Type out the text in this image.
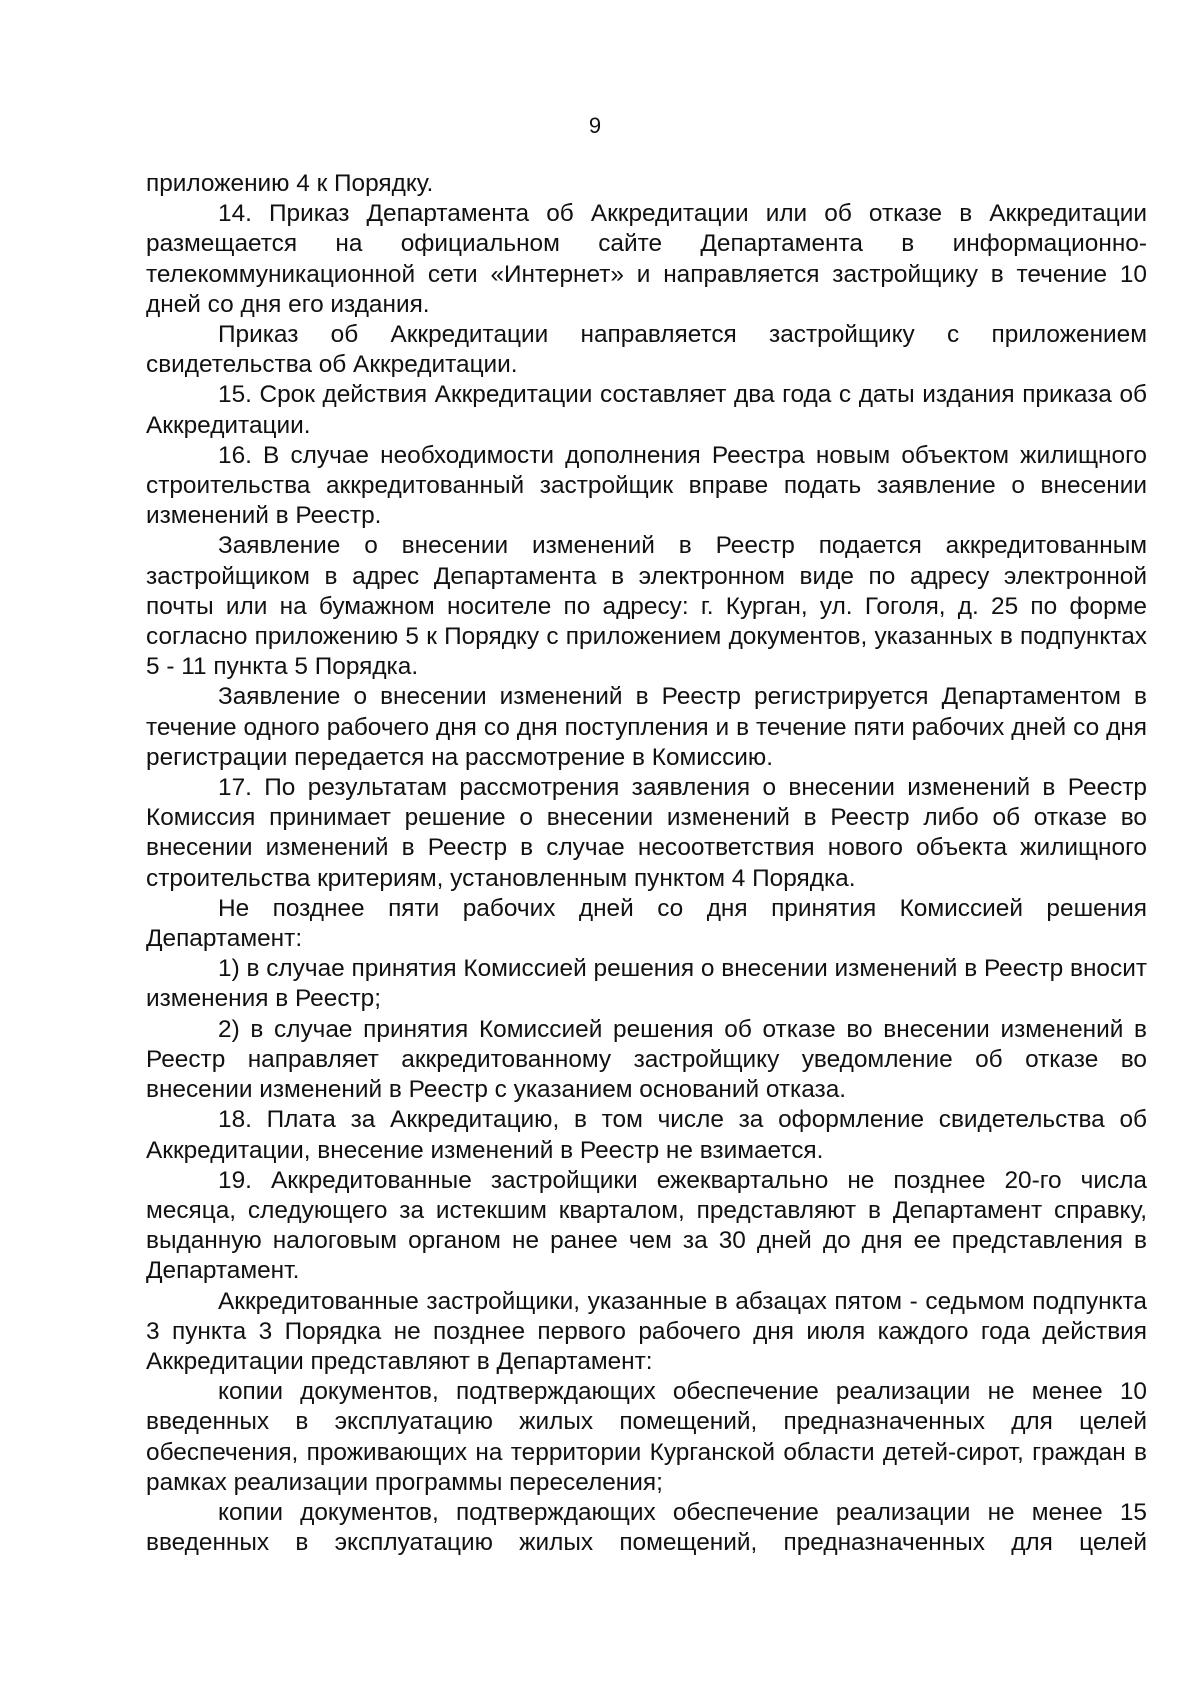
9

приложению 4 к Порядку.

14. Приказ Департамента об Аккредитации или об отказе в Аккредитации размещается на официальном сайте Департамента в информационно-телекоммуникационной сети «Интернет» и направляется застройщику в течение 10 дней со дня его издания.

Приказ об Аккредитации направляется застройщику с приложением свидетельства об Аккредитации.

15. Срок действия Аккредитации составляет два года с даты издания приказа об Аккредитации.

16. В случае необходимости дополнения Реестра новым объектом жилищного строительства аккредитованный застройщик вправе подать заявление о внесении изменений в Реестр.

Заявление о внесении изменений в Реестр подается аккредитованным застройщиком в адрес Департамента в электронном виде по адресу электронной почты или на бумажном носителе по адресу: г. Курган, ул. Гоголя, д. 25 по форме согласно приложению 5 к Порядку с приложением документов, указанных в подпунктах 5 - 11 пункта 5 Порядка.

Заявление о внесении изменений в Реестр регистрируется Департаментом в течение одного рабочего дня со дня поступления и в течение пяти рабочих дней со дня регистрации передается на рассмотрение в Комиссию.

17. По результатам рассмотрения заявления о внесении изменений в Реестр Комиссия принимает решение о внесении изменений в Реестр либо об отказе во внесении изменений в Реестр в случае несоответствия нового объекта жилищного строительства критериям, установленным пунктом 4 Порядка.

Не позднее пяти рабочих дней со дня принятия Комиссией решения Департамент:

1) в случае принятия Комиссией решения о внесении изменений в Реестр вносит изменения в Реестр;

2) в случае принятия Комиссией решения об отказе во внесении изменений в Реестр направляет аккредитованному застройщику уведомление об отказе во внесении изменений в Реестр с указанием оснований отказа.

18. Плата за Аккредитацию, в том числе за оформление свидетельства об Аккредитации, внесение изменений в Реестр не взимается.

19. Аккредитованные застройщики ежеквартально не позднее 20-го числа месяца, следующего за истекшим кварталом, представляют в Департамент справку, выданную налоговым органом не ранее чем за 30 дней до дня ее представления в Департамент.

Аккредитованные застройщики, указанные в абзацах пятом - седьмом подпункта 3 пункта 3 Порядка не позднее первого рабочего дня июля каждого года действия Аккредитации представляют в Департамент:

копии документов, подтверждающих обеспечение реализации не менее 10 введенных в эксплуатацию жилых помещений, предназначенных для целей обеспечения, проживающих на территории Курганской области детей-сирот, граждан в рамках реализации программы переселения;

копии документов, подтверждающих обеспечение реализации не менее 15 введенных в эксплуатацию жилых помещений, предназначенных для целей
